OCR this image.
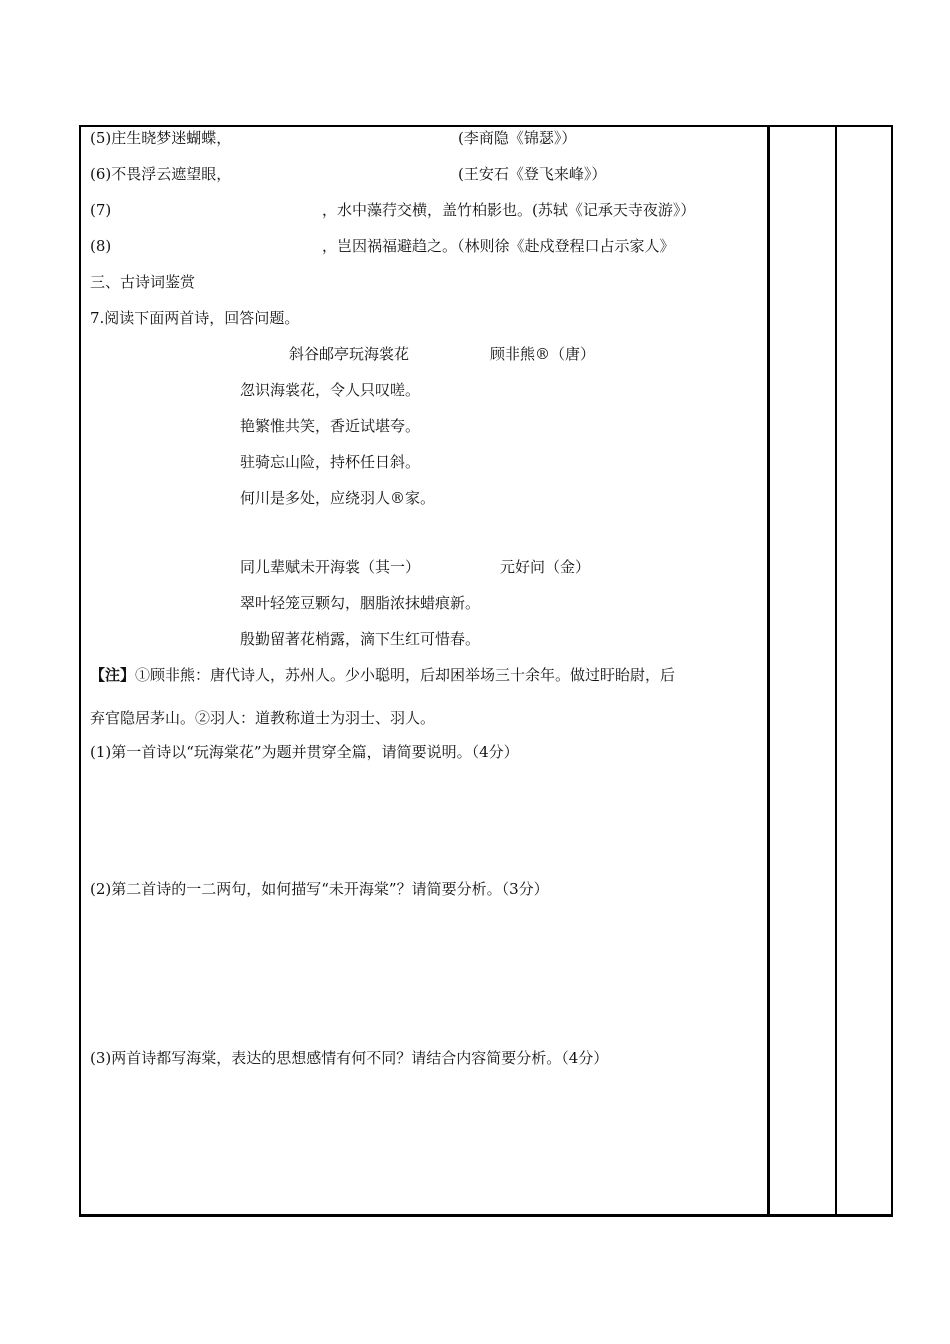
(5)庄生晓梦迷蝴蝶，	(李商隐《锦瑟》）
(6)不畏浮云遮望眼，	(王安石《登飞来峰》）
(7)	，水中藻荇交横，盖竹柏影也。(苏轼《记承天寺夜游》）
(8)	，岂因祸福避趋之。（林则徐《赴戍登程口占示家人》
三、古诗词鉴赏
7.阅读下面两首诗，回答问题。
斜谷邮亭玩海裳花	顾非熊®（唐）
忽识海裳花，令人只叹嗟。
艳繁惟共笑，香近试堪夸。
驻骑忘山险，持杯任日斜。
何川是多处，应绕羽人®家。
同儿辈赋未开海裳（其一）	元好问（金）
翠叶轻笼豆颗勾，胭脂浓抹蜡痕新。
殷勤留著花梢露，滴下生红可惜春。
【注】①顾非熊：唐代诗人，苏州人。少小聪明，后却困举场三十余年。做过盱眙尉，后
弃官隐居茅山。②羽人：道教称道士为羽士、羽人。
(1)第一首诗以“玩海棠花”为题并贯穿全篇，请简要说明。（4分）
(2)第二首诗的一二两句，如何描写“未开海棠”？请简要分析。（3分）
(3)两首诗都写海棠，表达的思想感情有何不同？请结合内容简要分析。（4分）
